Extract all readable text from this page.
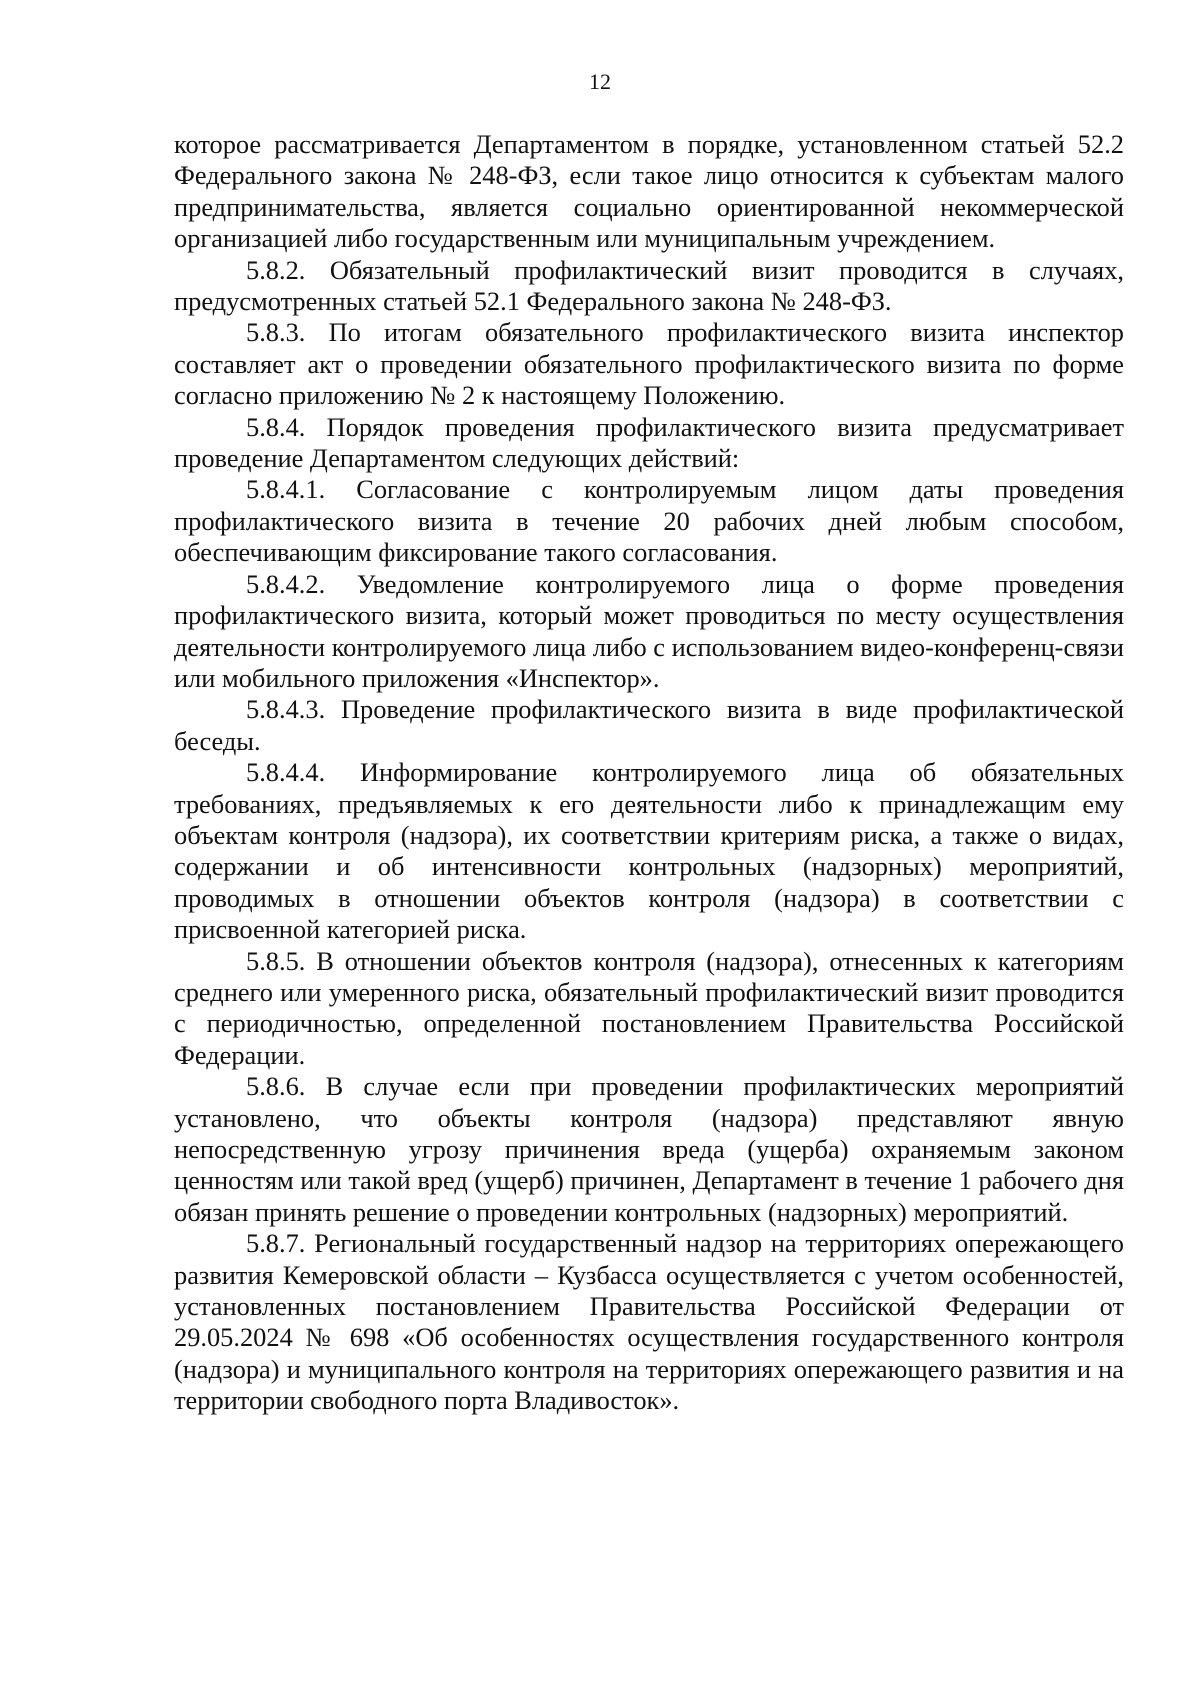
12

которое рассматривается Департаментом в порядке, установленном статьей 52.2 Федерального закона № 248-ФЗ, если такое лицо относится к субъектам малого предпринимательства, является социально ориентированной некоммерческой организацией либо государственным или муниципальным учреждением.

5.8.2. Обязательный профилактический визит проводится в случаях, предусмотренных статьей 52.1 Федерального закона № 248-ФЗ.

5.8.3. По итогам обязательного профилактического визита инспектор составляет акт о проведении обязательного профилактического визита по форме согласно приложению № 2 к настоящему Положению.

5.8.4. Порядок проведения профилактического визита предусматривает проведение Департаментом следующих действий:

5.8.4.1. Согласование с контролируемым лицом даты проведения профилактического визита в течение 20 рабочих дней любым способом, обеспечивающим фиксирование такого согласования.

5.8.4.2. Уведомление контролируемого лица о форме проведения профилактического визита, который может проводиться по месту осуществления деятельности контролируемого лица либо с использованием видео-конференц-связи или мобильного приложения «Инспектор».

5.8.4.3. Проведение профилактического визита в виде профилактической беседы.

5.8.4.4. Информирование контролируемого лица об обязательных требованиях, предъявляемых к его деятельности либо к принадлежащим ему объектам контроля (надзора), их соответствии критериям риска, а также о видах, содержании и об интенсивности контрольных (надзорных) мероприятий, проводимых в отношении объектов контроля (надзора) в соответствии с присвоенной категорией риска.

5.8.5. В отношении объектов контроля (надзора), отнесенных к категориям среднего или умеренного риска, обязательный профилактический визит проводится с периодичностью, определенной постановлением Правительства Российской Федерации.

5.8.6. В случае если при проведении профилактических мероприятий установлено, что объекты контроля (надзора) представляют явную непосредственную угрозу причинения вреда (ущерба) охраняемым законом ценностям или такой вред (ущерб) причинен, Департамент в течение 1 рабочего дня обязан принять решение о проведении контрольных (надзорных) мероприятий.

5.8.7. Региональный государственный надзор на территориях опережающего развития Кемеровской области – Кузбасса осуществляется с учетом особенностей, установленных постановлением Правительства Российской Федерации от 29.05.2024 № 698 «Об особенностях осуществления государственного контроля (надзора) и муниципального контроля на территориях опережающего развития и на территории свободного порта Владивосток».
